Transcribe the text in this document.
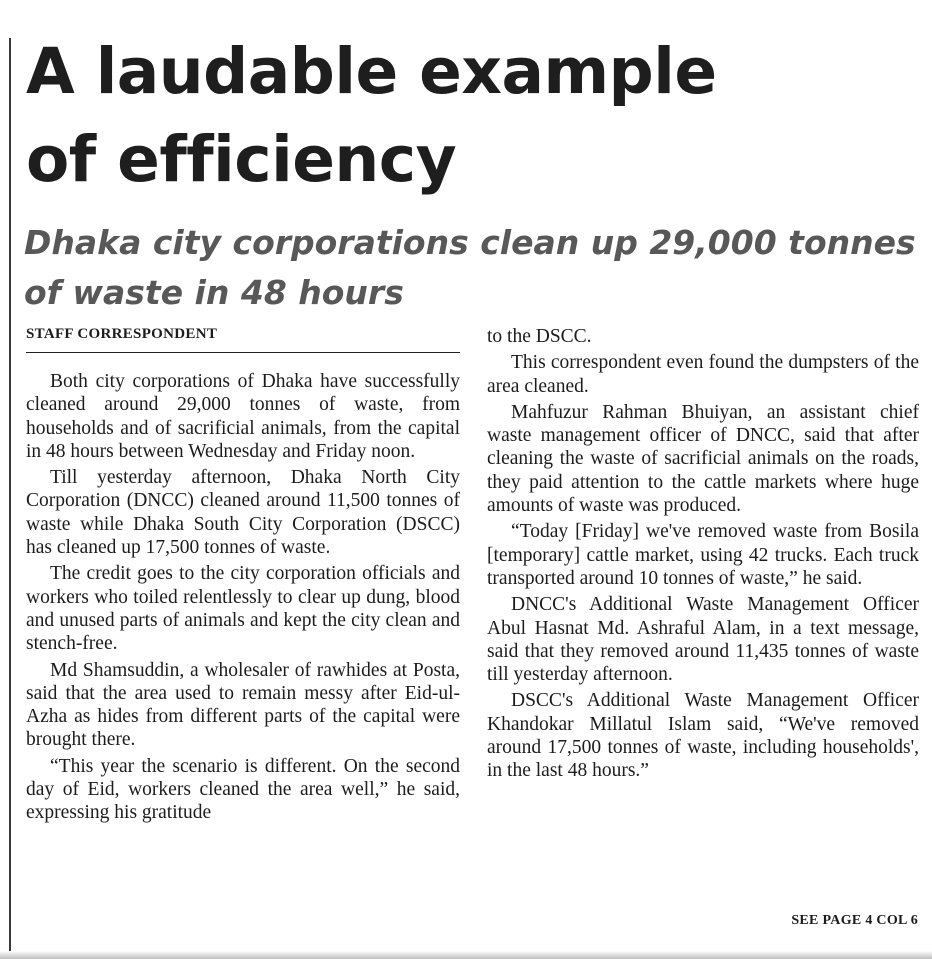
A laudable example
of efficiency
Dhaka city corporations clean up 29,000 tonnes
of waste in 48 hours
STAFF CORRESPONDENT

Both city corporations of Dhaka have successfully cleaned around 29,000 tonnes of waste, from households and of sacrificial animals, from the capital in 48 hours between Wednesday and Friday noon.

Till yesterday afternoon, Dhaka North City Corporation (DNCC) cleaned around 11,500 tonnes of waste while Dhaka South City Corporation (DSCC) has cleaned up 17,500 tonnes of waste.

The credit goes to the city corporation officials and workers who toiled relentlessly to clear up dung, blood and unused parts of animals and kept the city clean and stench-free.

Md Shamsuddin, a wholesaler of rawhides at Posta, said that the area used to remain messy after Eid-ul-Azha as hides from different parts of the capital were brought there.

“This year the scenario is different. On the second day of Eid, workers cleaned the area well,” he said, expressing his gratitude

to the DSCC.

This correspondent even found the dumpsters of the area cleaned.

Mahfuzur Rahman Bhuiyan, an assistant chief waste management officer of DNCC, said that after cleaning the waste of sacrificial animals on the roads, they paid attention to the cattle markets where huge amounts of waste was produced.

“Today [Friday] we've removed waste from Bosila [temporary] cattle market, using 42 trucks. Each truck transported around 10 tonnes of waste,” he said.

DNCC's Additional Waste Management Officer Abul Hasnat Md. Ashraful Alam, in a text message, said that they removed around 11,435 tonnes of waste till yesterday afternoon.

DSCC's Additional Waste Management Officer Khandokar Millatul Islam said, “We've removed around 17,500 tonnes of waste, including households', in the last 48 hours.”

SEE PAGE 4 COL 6
